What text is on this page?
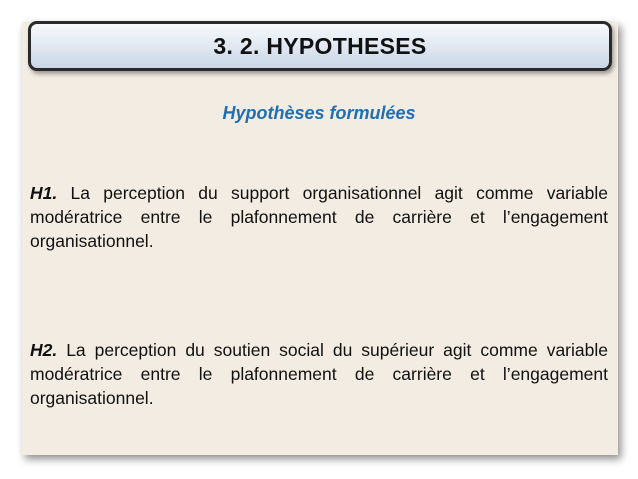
3. 2. HYPOTHESES
Hypothèses formulées
H1. La perception du support organisationnel agit comme variable modératrice entre le plafonnement de carrière et l’engagement organisationnel.
H2. La perception du soutien social du supérieur agit comme variable modératrice entre le plafonnement de carrière et l’engagement organisationnel.
